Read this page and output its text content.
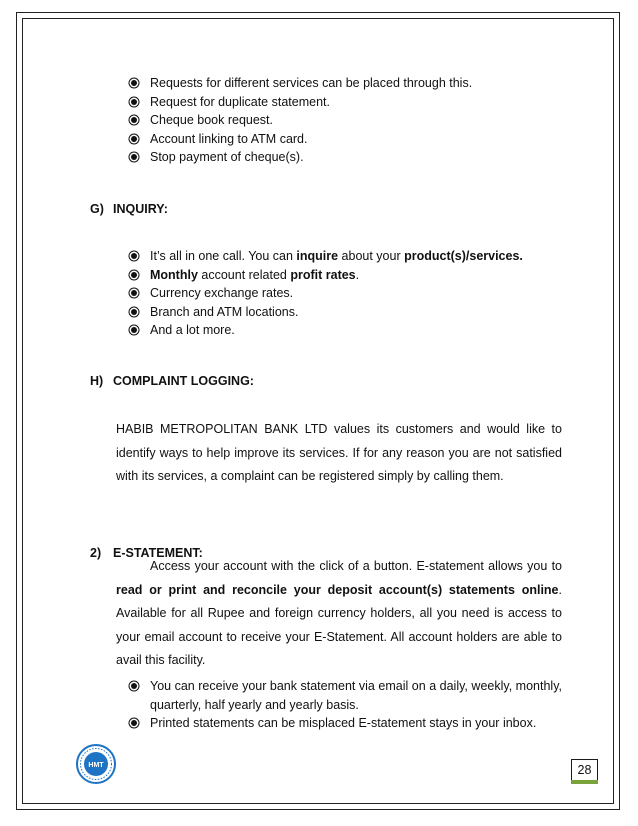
Requests for different services can be placed through this.
Request for duplicate statement.
Cheque book request.
Account linking to ATM card.
Stop payment of cheque(s).
G) INQUIRY:
It’s all in one call. You can inquire about your product(s)/services.
Monthly account related profit rates.
Currency exchange rates.
Branch and ATM locations.
And a lot more.
H) COMPLAINT LOGGING:
HABIB METROPOLITAN BANK LTD values its customers and would like to identify ways to help improve its services. If for any reason you are not satisfied with its services, a complaint can be registered simply by calling them.
2) E-STATEMENT:
Access your account with the click of a button. E-statement allows you to read or print and reconcile your deposit account(s) statements online. Available for all Rupee and foreign currency holders, all you need is access to your email account to receive your E-Statement. All account holders are able to avail this facility.
You can receive your bank statement via email on a daily, weekly, monthly, quarterly, half yearly and yearly basis.
Printed statements can be misplaced E-statement stays in your inbox.
HMT	28
